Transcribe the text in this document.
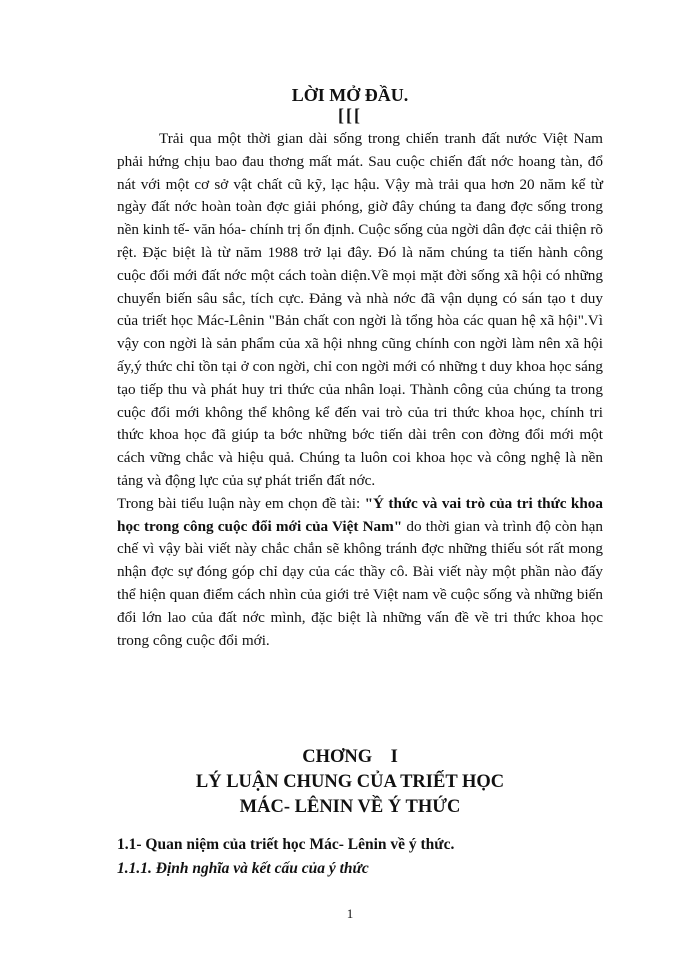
LỜI MỞ ĐẦU.
[[[

Trải qua một thời gian dài sống trong chiến tranh đất nước Việt Nam phải hứng chịu bao đau thơng mất mát. Sau cuộc chiến đất nớc hoang tàn, đổ nát với một cơ sở vật chất cũ kỹ, lạc hậu. Vậy mà trải qua hơn 20 năm kể từ ngày đất nớc hoàn toàn đợc giải phóng, giờ đây chúng ta đang đợc sống trong nền kinh tế- văn hóa- chính trị ổn định. Cuộc sống của ngời dân đợc cải thiện rõ rệt. Đặc biệt là từ năm 1988 trở lại đây. Đó là năm chúng ta tiến hành công cuộc đổi mới đất nớc một cách toàn diện.Về mọi mặt đời sống xã hội có những chuyển biến sâu sắc, tích cực. Đảng và nhà nớc đã vận dụng có sán tạo t duy của triết học Mác-Lênin "Bản chất con ngời là tổng hòa các quan hệ xã hội".Vì vậy con ngời là sản phẩm của xã hội nhng cũng chính con ngời làm nên xã hội ấy,ý thức chỉ tồn tại ở con ngời, chỉ con ngời mới có những t duy khoa học sáng tạo tiếp thu và phát huy tri thức của nhân loại. Thành công của chúng ta trong cuộc đổi mới không thể không kể đến vai trò của tri thức khoa học, chính tri thức khoa học đã giúp ta bớc những bớc tiến dài trên con đờng đổi mới một cách vững chắc và hiệu quả. Chúng ta luôn coi khoa học và công nghệ là nền tảng và động lực của sự phát triển đất nớc.

Trong bài tiểu luận này em chọn đề tài: "Ý thức và vai trò của tri thức khoa học trong công cuộc đổi mới của Việt Nam" do thời gian và trình độ còn hạn chế vì vậy bài viết này chắc chắn sẽ không tránh đợc những thiếu sót rất mong nhận đợc sự đóng góp chỉ dạy của các thầy cô. Bài viết này một phần nào đấy thể hiện quan điểm cách nhìn của giới trẻ Việt nam về cuộc sống và những biến đổi lớn lao của đất nớc mình, đặc biệt là những vấn đề về tri thức khoa học trong công cuộc đổi mới.

CHƠNG    I
LÝ LUẬN CHUNG CỦA TRIẾT HỌC
MÁC- LÊNIN VỀ Ý THỨC
1.1- Quan niệm của triết học Mác- Lênin về ý thức.
1.1.1. Định nghĩa và kết cấu của ý thức
1
